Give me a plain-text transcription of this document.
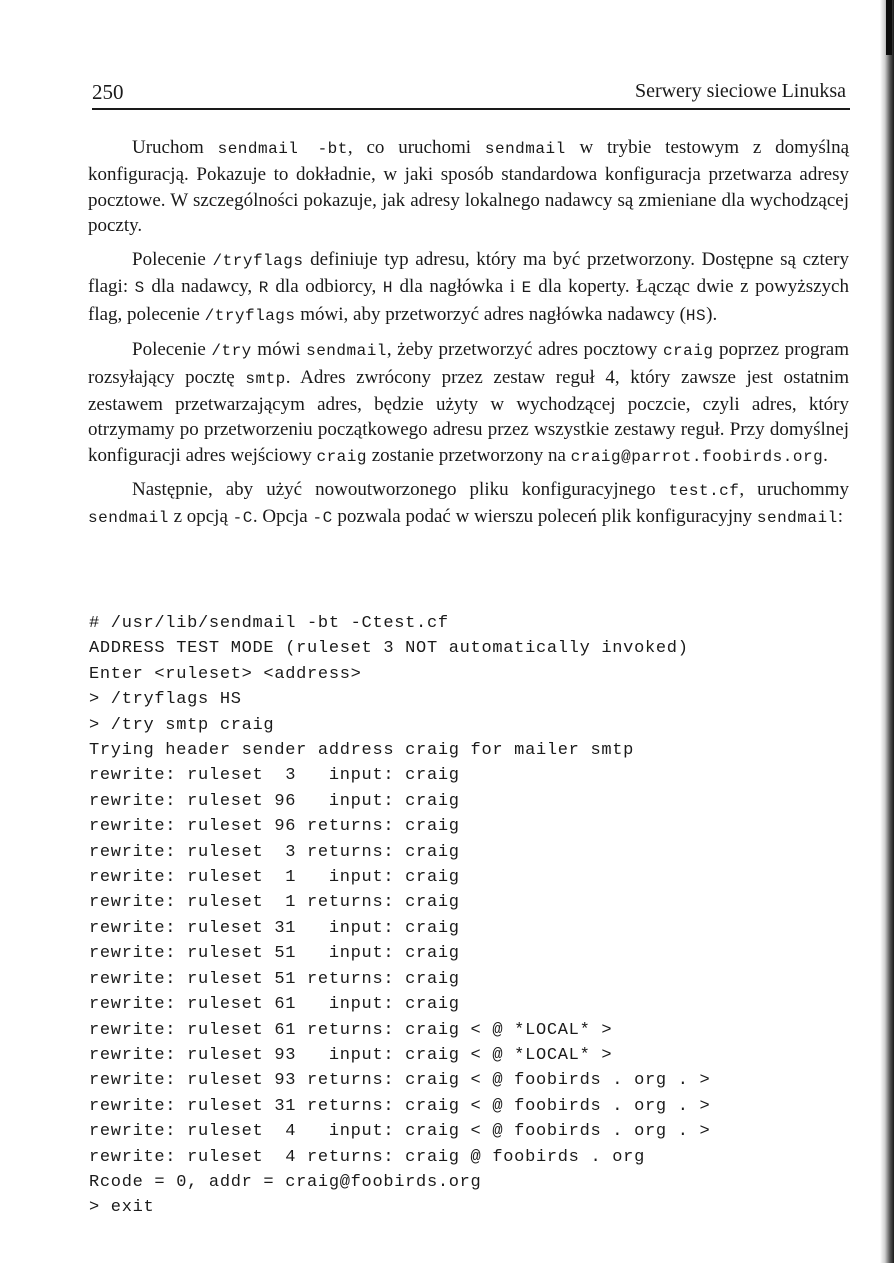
250	Serwery sieciowe Linuksa

Uruchom sendmail -bt, co uruchomi sendmail w trybie testowym z domyślną konfiguracją. Pokazuje to dokładnie, w jaki sposób standardowa konfiguracja przetwarza adresy pocztowe. W szczególności pokazuje, jak adresy lokalnego nadawcy są zmieniane dla wychodzącej poczty.

Polecenie /tryflags definiuje typ adresu, który ma być przetworzony. Dostępne są cztery flagi: S dla nadawcy, R dla odbiorcy, H dla nagłówka i E dla koperty. Łącząc dwie z powyższych flag, polecenie /tryflags mówi, aby przetworzyć adres nagłówka nadawcy (HS).

Polecenie /try mówi sendmail, żeby przetworzyć adres pocztowy craig poprzez program rozsyłający pocztę smtp. Adres zwrócony przez zestaw reguł 4, który zawsze jest ostatnim zestawem przetwarzającym adres, będzie użyty w wychodzącej poczcie, czyli adres, który otrzymamy po przetworzeniu początkowego adresu przez wszystkie zestawy reguł. Przy domyślnej konfiguracji adres wejściowy craig zostanie przetworzony na craig@parrot.foobirds.org.

Następnie, aby użyć nowoutworzonego pliku konfiguracyjnego test.cf, uruchommy sendmail z opcją -C. Opcja -C pozwala podać w wierszu poleceń plik konfiguracyjny sendmail:

# /usr/lib/sendmail -bt -Ctest.cf
ADDRESS TEST MODE (ruleset 3 NOT automatically invoked)
Enter <ruleset> <address>
> /tryflags HS
> /try smtp craig
Trying header sender address craig for mailer smtp
rewrite: ruleset  3   input: craig
rewrite: ruleset 96   input: craig
rewrite: ruleset 96 returns: craig
rewrite: ruleset  3 returns: craig
rewrite: ruleset  1   input: craig
rewrite: ruleset  1 returns: craig
rewrite: ruleset 31   input: craig
rewrite: ruleset 51   input: craig
rewrite: ruleset 51 returns: craig
rewrite: ruleset 61   input: craig
rewrite: ruleset 61 returns: craig < @ *LOCAL* >
rewrite: ruleset 93   input: craig < @ *LOCAL* >
rewrite: ruleset 93 returns: craig < @ foobirds . org . >
rewrite: ruleset 31 returns: craig < @ foobirds . org . >
rewrite: ruleset  4   input: craig < @ foobirds . org . >
rewrite: ruleset  4 returns: craig @ foobirds . org
Rcode = 0, addr = craig@foobirds.org
> exit
